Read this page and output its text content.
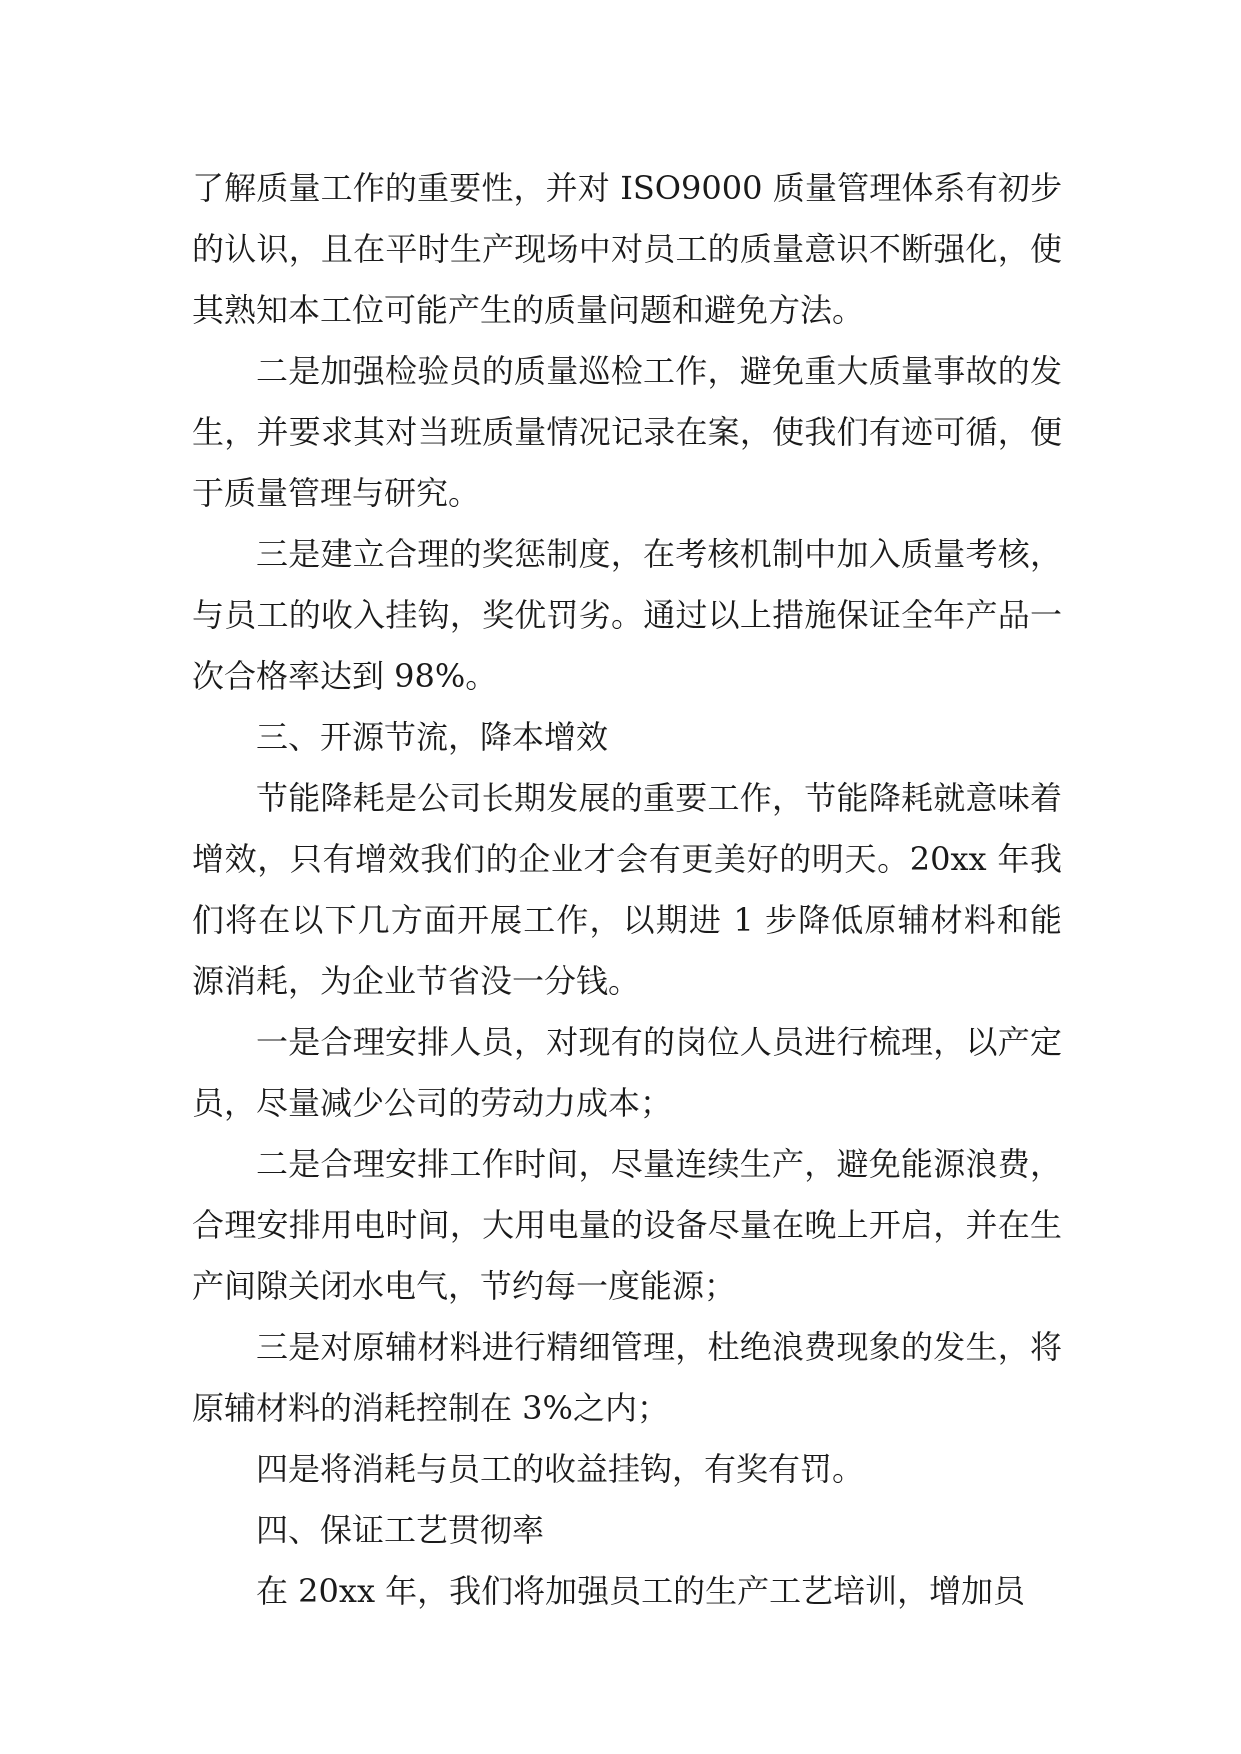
了解质量工作的重要性，并对 ISO9000 质量管理体系有初步的认识，且在平时生产现场中对员工的质量意识不断强化，使其熟知本工位可能产生的质量问题和避免方法。

二是加强检验员的质量巡检工作，避免重大质量事故的发生，并要求其对当班质量情况记录在案，使我们有迹可循，便于质量管理与研究。

三是建立合理的奖惩制度，在考核机制中加入质量考核，与员工的收入挂钩，奖优罚劣。通过以上措施保证全年产品一次合格率达到 98%。

三、开源节流，降本增效

节能降耗是公司长期发展的重要工作，节能降耗就意味着增效，只有增效我们的企业才会有更美好的明天。20xx 年我们将在以下几方面开展工作，以期进 1 步降低原辅材料和能源消耗，为企业节省没一分钱。

一是合理安排人员，对现有的岗位人员进行梳理，以产定员，尽量减少公司的劳动力成本；

二是合理安排工作时间，尽量连续生产，避免能源浪费，合理安排用电时间，大用电量的设备尽量在晚上开启，并在生产间隙关闭水电气，节约每一度能源；

三是对原辅材料进行精细管理，杜绝浪费现象的发生，将原辅材料的消耗控制在 3%之内；

四是将消耗与员工的收益挂钩，有奖有罚。

四、保证工艺贯彻率

在 20xx 年，我们将加强员工的生产工艺培训，增加员
